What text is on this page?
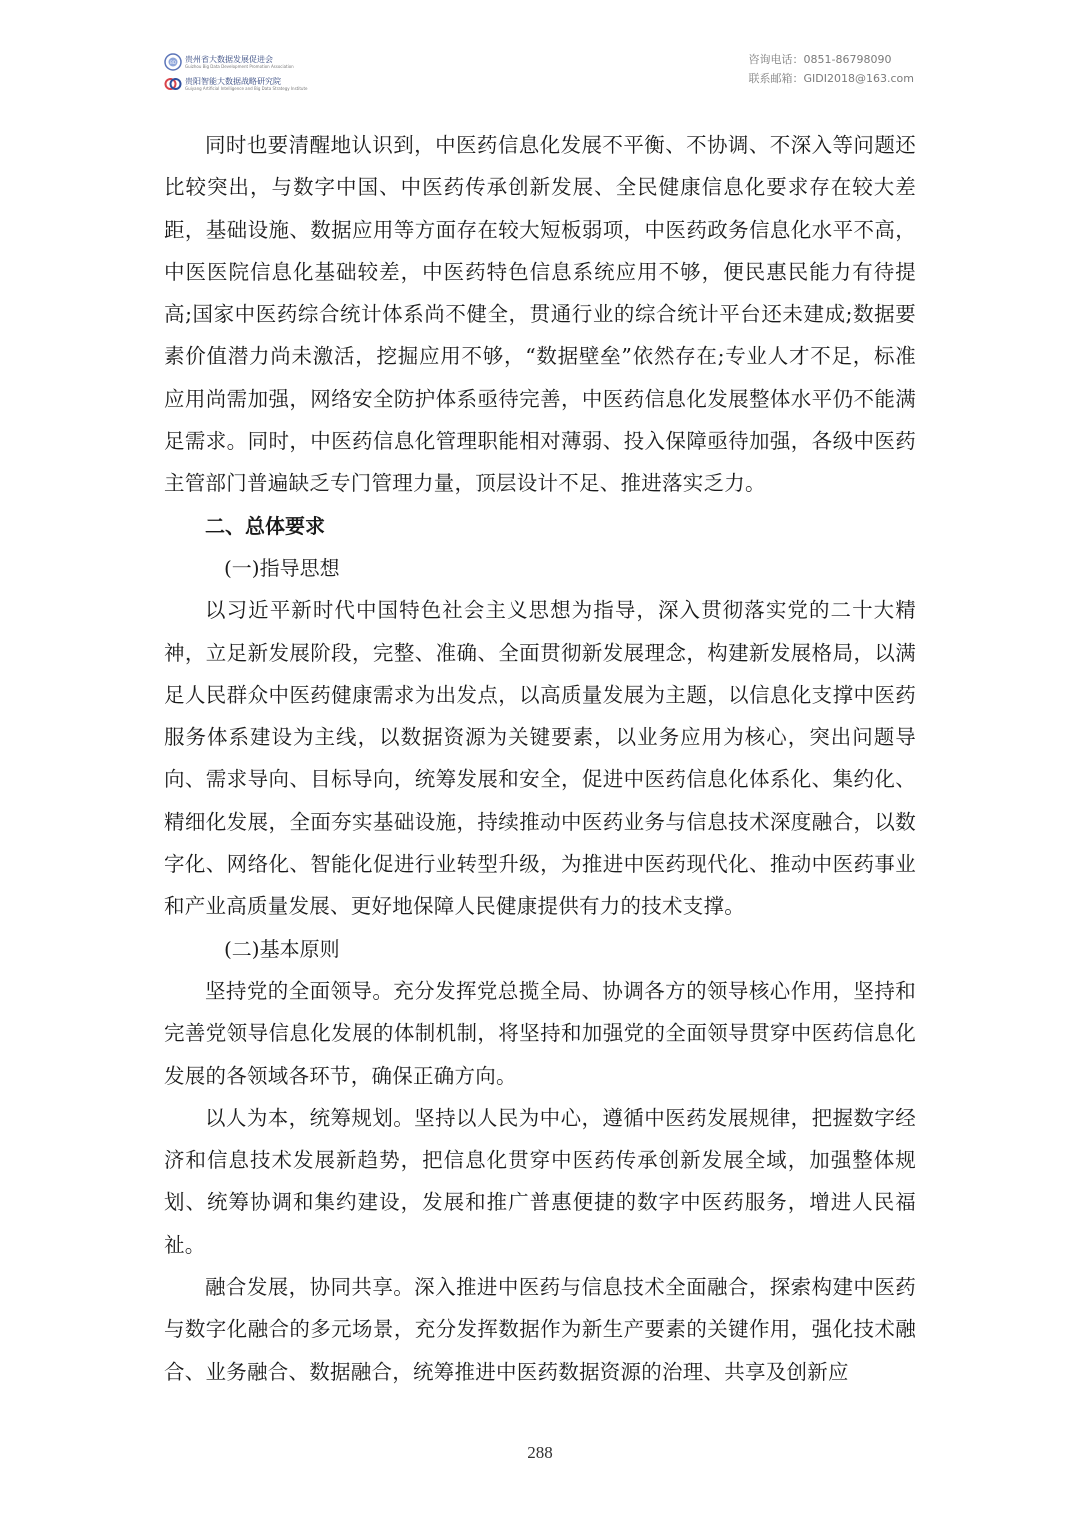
BD 贵州省大数据发展促进会
Guizhou Big Data Development Promotion Association
贵阳智能大数据战略研究院
Guiyang Artificial Intelligence and Big Data Strategy Institute
咨询电话：0851-86798090
联系邮箱：GIDI2018@163.com

同时也要清醒地认识到，中医药信息化发展不平衡、不协调、不深入等问题还比较突出，与数字中国、中医药传承创新发展、全民健康信息化要求存在较大差距，基础设施、数据应用等方面存在较大短板弱项，中医药政务信息化水平不高，中医医院信息化基础较差，中医药特色信息系统应用不够，便民惠民能力有待提高;国家中医药综合统计体系尚不健全，贯通行业的综合统计平台还未建成;数据要素价值潜力尚未激活，挖掘应用不够，“数据壁垒”依然存在;专业人才不足，标准应用尚需加强，网络安全防护体系亟待完善，中医药信息化发展整体水平仍不能满足需求。同时，中医药信息化管理职能相对薄弱、投入保障亟待加强，各级中医药主管部门普遍缺乏专门管理力量，顶层设计不足、推进落实乏力。

二、总体要求

(一)指导思想

以习近平新时代中国特色社会主义思想为指导，深入贯彻落实党的二十大精神，立足新发展阶段，完整、准确、全面贯彻新发展理念，构建新发展格局，以满足人民群众中医药健康需求为出发点，以高质量发展为主题，以信息化支撑中医药服务体系建设为主线，以数据资源为关键要素，以业务应用为核心，突出问题导向、需求导向、目标导向，统筹发展和安全，促进中医药信息化体系化、集约化、精细化发展，全面夯实基础设施，持续推动中医药业务与信息技术深度融合，以数字化、网络化、智能化促进行业转型升级，为推进中医药现代化、推动中医药事业和产业高质量发展、更好地保障人民健康提供有力的技术支撑。

(二)基本原则

坚持党的全面领导。充分发挥党总揽全局、协调各方的领导核心作用，坚持和完善党领导信息化发展的体制机制，将坚持和加强党的全面领导贯穿中医药信息化发展的各领域各环节，确保正确方向。

以人为本，统筹规划。坚持以人民为中心，遵循中医药发展规律，把握数字经济和信息技术发展新趋势，把信息化贯穿中医药传承创新发展全域，加强整体规划、统筹协调和集约建设，发展和推广普惠便捷的数字中医药服务，增进人民福祉。

融合发展，协同共享。深入推进中医药与信息技术全面融合，探索构建中医药与数字化融合的多元场景，充分发挥数据作为新生产要素的关键作用，强化技术融合、业务融合、数据融合，统筹推进中医药数据资源的治理、共享及创新应

288
